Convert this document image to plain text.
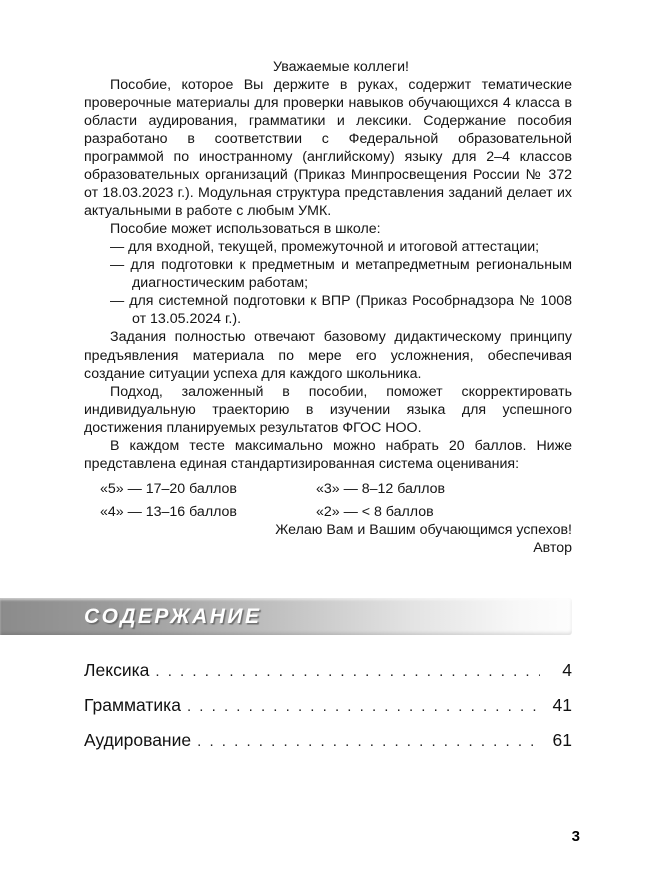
Уважаемые коллеги!

Пособие, которое Вы держите в руках, содержит тематические проверочные материалы для проверки навыков обучающихся 4 класса в области аудирования, грамматики и лексики. Содержание пособия разработано в соответствии с Федеральной образовательной программой по иностранному (английскому) языку для 2–4 классов образовательных организаций (Приказ Минпросвещения России № 372 от 18.03.2023 г.). Модульная структура представления заданий делает их актуальными в работе с любым УМК.

Пособие может использоваться в школе:

— для входной, текущей, промежуточной и итоговой аттестации;
— для подготовки к предметным и метапредметным региональным диагностическим работам;
— для системной подготовки к ВПР (Приказ Рособрнадзора № 1008 от 13.05.2024 г.).

Задания полностью отвечают базовому дидактическому принципу предъявления материала по мере его усложнения, обеспечивая создание ситуации успеха для каждого школьника.

Подход, заложенный в пособии, поможет скорректировать индивидуальную траекторию в изучении языка для успешного достижения планируемых результатов ФГОС НОО.

В каждом тесте максимально можно набрать 20 баллов. Ниже представлена единая стандартизированная система оценивания:

«5» — 17–20 баллов	«3» — 8–12 баллов
«4» — 13–16 баллов	«2» — < 8 баллов

Желаю Вам и Вашим обучающимся успехов!

Автор

СОДЕРЖАНИЕ
Лексика . . .	4
Грамматика . . .	41
Аудирование . . .	61
3
